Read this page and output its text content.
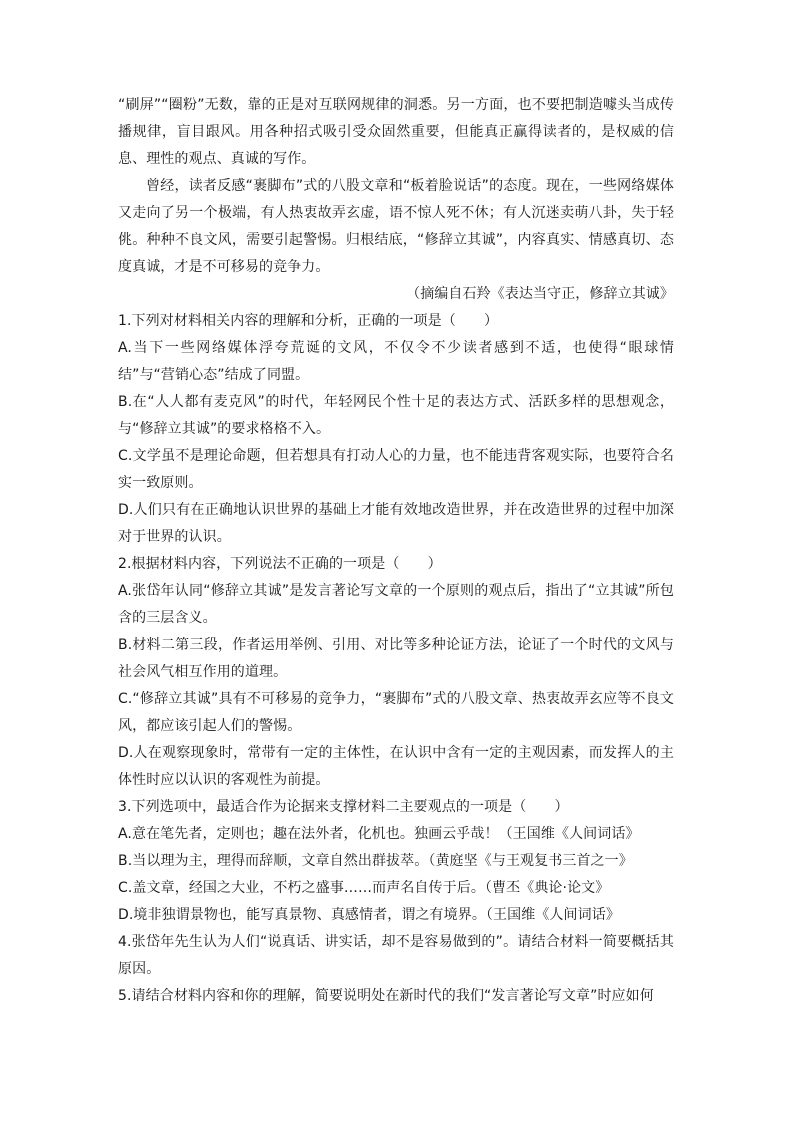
“刷屏”“圈粉”无数，靠的正是对互联网规律的洞悉。另一方面，也不要把制造噱头当成传播规律，盲目跟风。用各种招式吸引受众固然重要，但能真正赢得读者的，是权威的信息、理性的观点、真诚的写作。

曾经，读者反感“裹脚布”式的八股文章和“板着脸说话”的态度。现在，一些网络媒体又走向了另一个极端，有人热衷故弄玄虚，语不惊人死不休；有人沉迷卖萌八卦，失于轻佻。种种不良文风，需要引起警惕。归根结底，“修辞立其诚”，内容真实、情感真切、态度真诚，才是不可移易的竞争力。

（摘编自石羚《表达当守正，修辞立其诚》

1.下列对材料相关内容的理解和分析，正确的一项是（　　）

A.当下一些网络媒体浮夸荒诞的文风，不仅令不少读者感到不适，也使得“眼球情结”与“营销心态”结成了同盟。

B.在“人人都有麦克风”的时代，年轻网民个性十足的表达方式、活跃多样的思想观念，与“修辞立其诚”的要求格格不入。

C.文学虽不是理论命题，但若想具有打动人心的力量，也不能违背客观实际，也要符合名实一致原则。

D.人们只有在正确地认识世界的基础上才能有效地改造世界，并在改造世界的过程中加深对于世界的认识。

2.根据材料内容，下列说法不正确的一项是（　　）

A.张岱年认同“修辞立其诚”是发言著论写文章的一个原则的观点后，指出了“立其诚”所包含的三层含义。

B.材料二第三段，作者运用举例、引用、对比等多种论证方法，论证了一个时代的文风与社会风气相互作用的道理。

C.“修辞立其诚”具有不可移易的竞争力，“裹脚布”式的八股文章、热衷故弄玄应等不良文风，都应该引起人们的警惕。

D.人在观察现象时，常带有一定的主体性，在认识中含有一定的主观因素，而发挥人的主体性时应以认识的客观性为前提。

3.下列选项中，最适合作为论据来支撑材料二主要观点的一项是（　　）

A.意在笔先者，定则也；趣在法外者，化机也。独画云乎哉！（王国维《人间词话》

B.当以理为主，理得而辞顺，文章自然出群拔萃。（黄庭坚《与王观复书三首之一》

C.盖文章，经国之大业，不朽之盛事……而声名自传于后。（曹丕《典论·论文》

D.境非独谓景物也，能写真景物、真感情者，谓之有境界。（王国维《人间词话》

4.张岱年先生认为人们“说真话、讲实话，却不是容易做到的”。请结合材料一简要概括其原因。

5.请结合材料内容和你的理解，简要说明处在新时代的我们“发言著论写文章”时应如何
